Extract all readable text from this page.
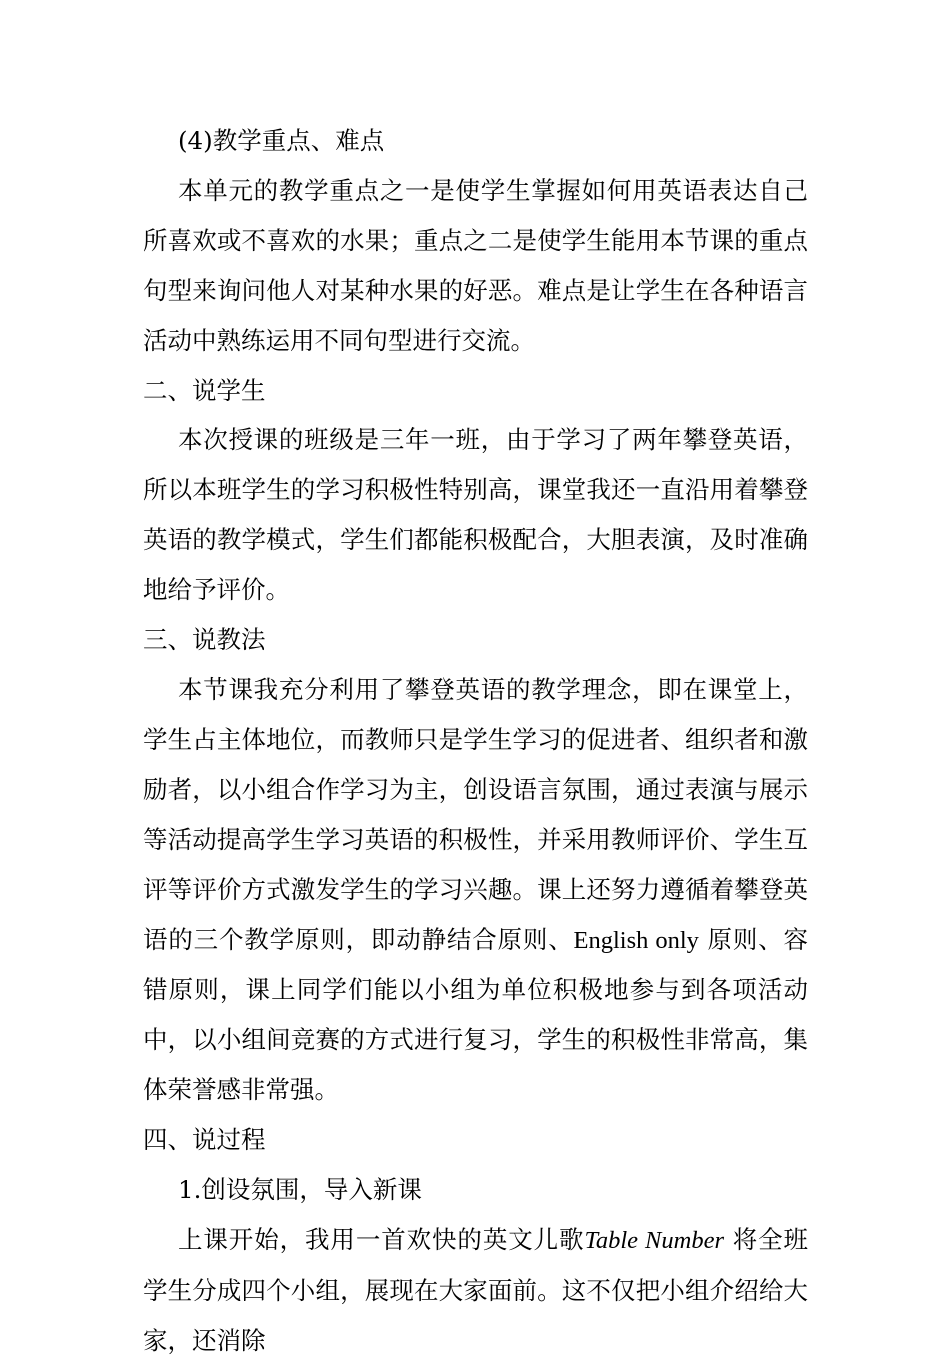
(4)教学重点、难点

本单元的教学重点之一是使学生掌握如何用英语表达自己所喜欢或不喜欢的水果；重点之二是使学生能用本节课的重点句型来询问他人对某种水果的好恶。难点是让学生在各种语言活动中熟练运用不同句型进行交流。

二、说学生

本次授课的班级是三年一班，由于学习了两年攀登英语，所以本班学生的学习积极性特别高，课堂我还一直沿用着攀登英语的教学模式，学生们都能积极配合，大胆表演，及时准确地给予评价。

三、说教法

本节课我充分利用了攀登英语的教学理念，即在课堂上，学生占主体地位，而教师只是学生学习的促进者、组织者和激励者，以小组合作学习为主，创设语言氛围，通过表演与展示等活动提高学生学习英语的积极性，并采用教师评价、学生互评等评价方式激发学生的学习兴趣。课上还努力遵循着攀登英语的三个教学原则，即动静结合原则、English only 原则、容错原则，课上同学们能以小组为单位积极地参与到各项活动中，以小组间竞赛的方式进行复习，学生的积极性非常高，集体荣誉感非常强。

四、说过程

1.创设氛围，导入新课

上课开始，我用一首欢快的英文儿歌Table Number 将全班学生分成四个小组，展现在大家面前。这不仅把小组介绍给大家，还消除
